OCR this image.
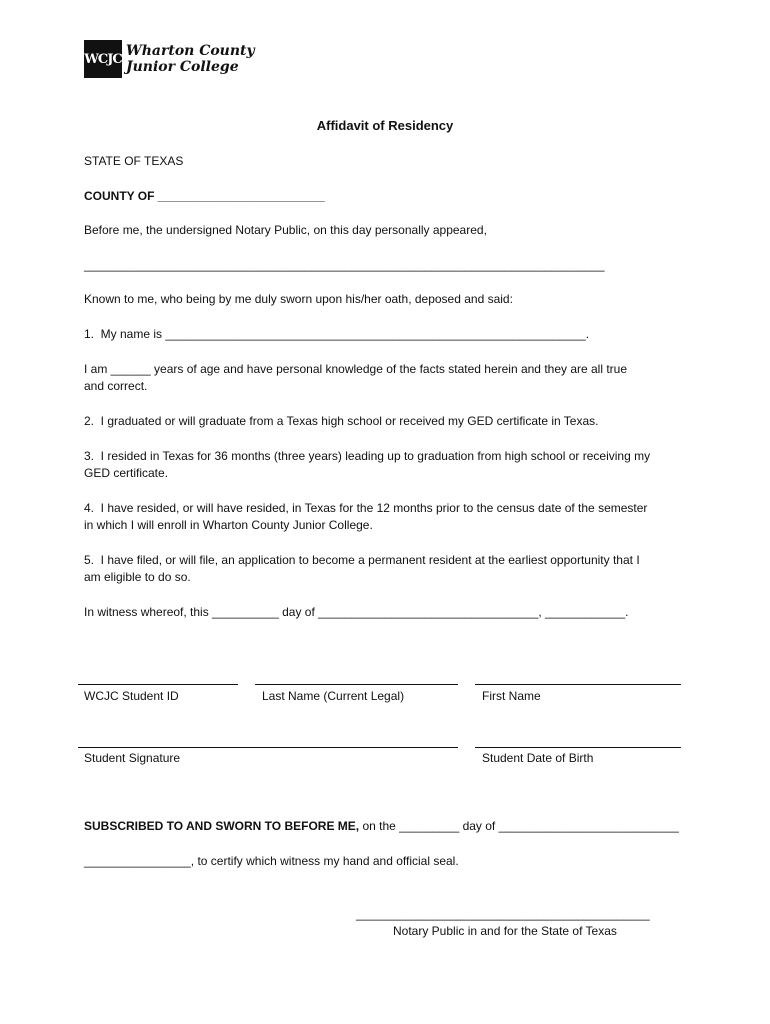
WCJC Wharton County
Junior College
Affidavit of Residency
STATE OF TEXAS
COUNTY OF _________________________
Before me, the undersigned Notary Public, on this day personally appeared,
______________________________________________________________________________
Known to me, who being by me duly sworn upon his/her oath, deposed and said:
1.  My name is _______________________________________________________________.
I am ______ years of age and have personal knowledge of the facts stated herein and they are all true
and correct.
2.  I graduated or will graduate from a Texas high school or received my GED certificate in Texas.
3.  I resided in Texas for 36 months (three years) leading up to graduation from high school or receiving my
GED certificate.
4.  I have resided, or will have resided, in Texas for the 12 months prior to the census date of the semester
in which I will enroll in Wharton County Junior College.
5.  I have filed, or will file, an application to become a permanent resident at the earliest opportunity that I
am eligible to do so.
In witness whereof, this __________ day of _________________________________, ____________.
WCJC Student ID	Last Name (Current Legal)	First Name
Student Signature	Student Date of Birth
SUBSCRIBED TO AND SWORN TO BEFORE ME, on the _________ day of ___________________________
________________, to certify which witness my hand and official seal.
____________________________________________
Notary Public in and for the State of Texas
